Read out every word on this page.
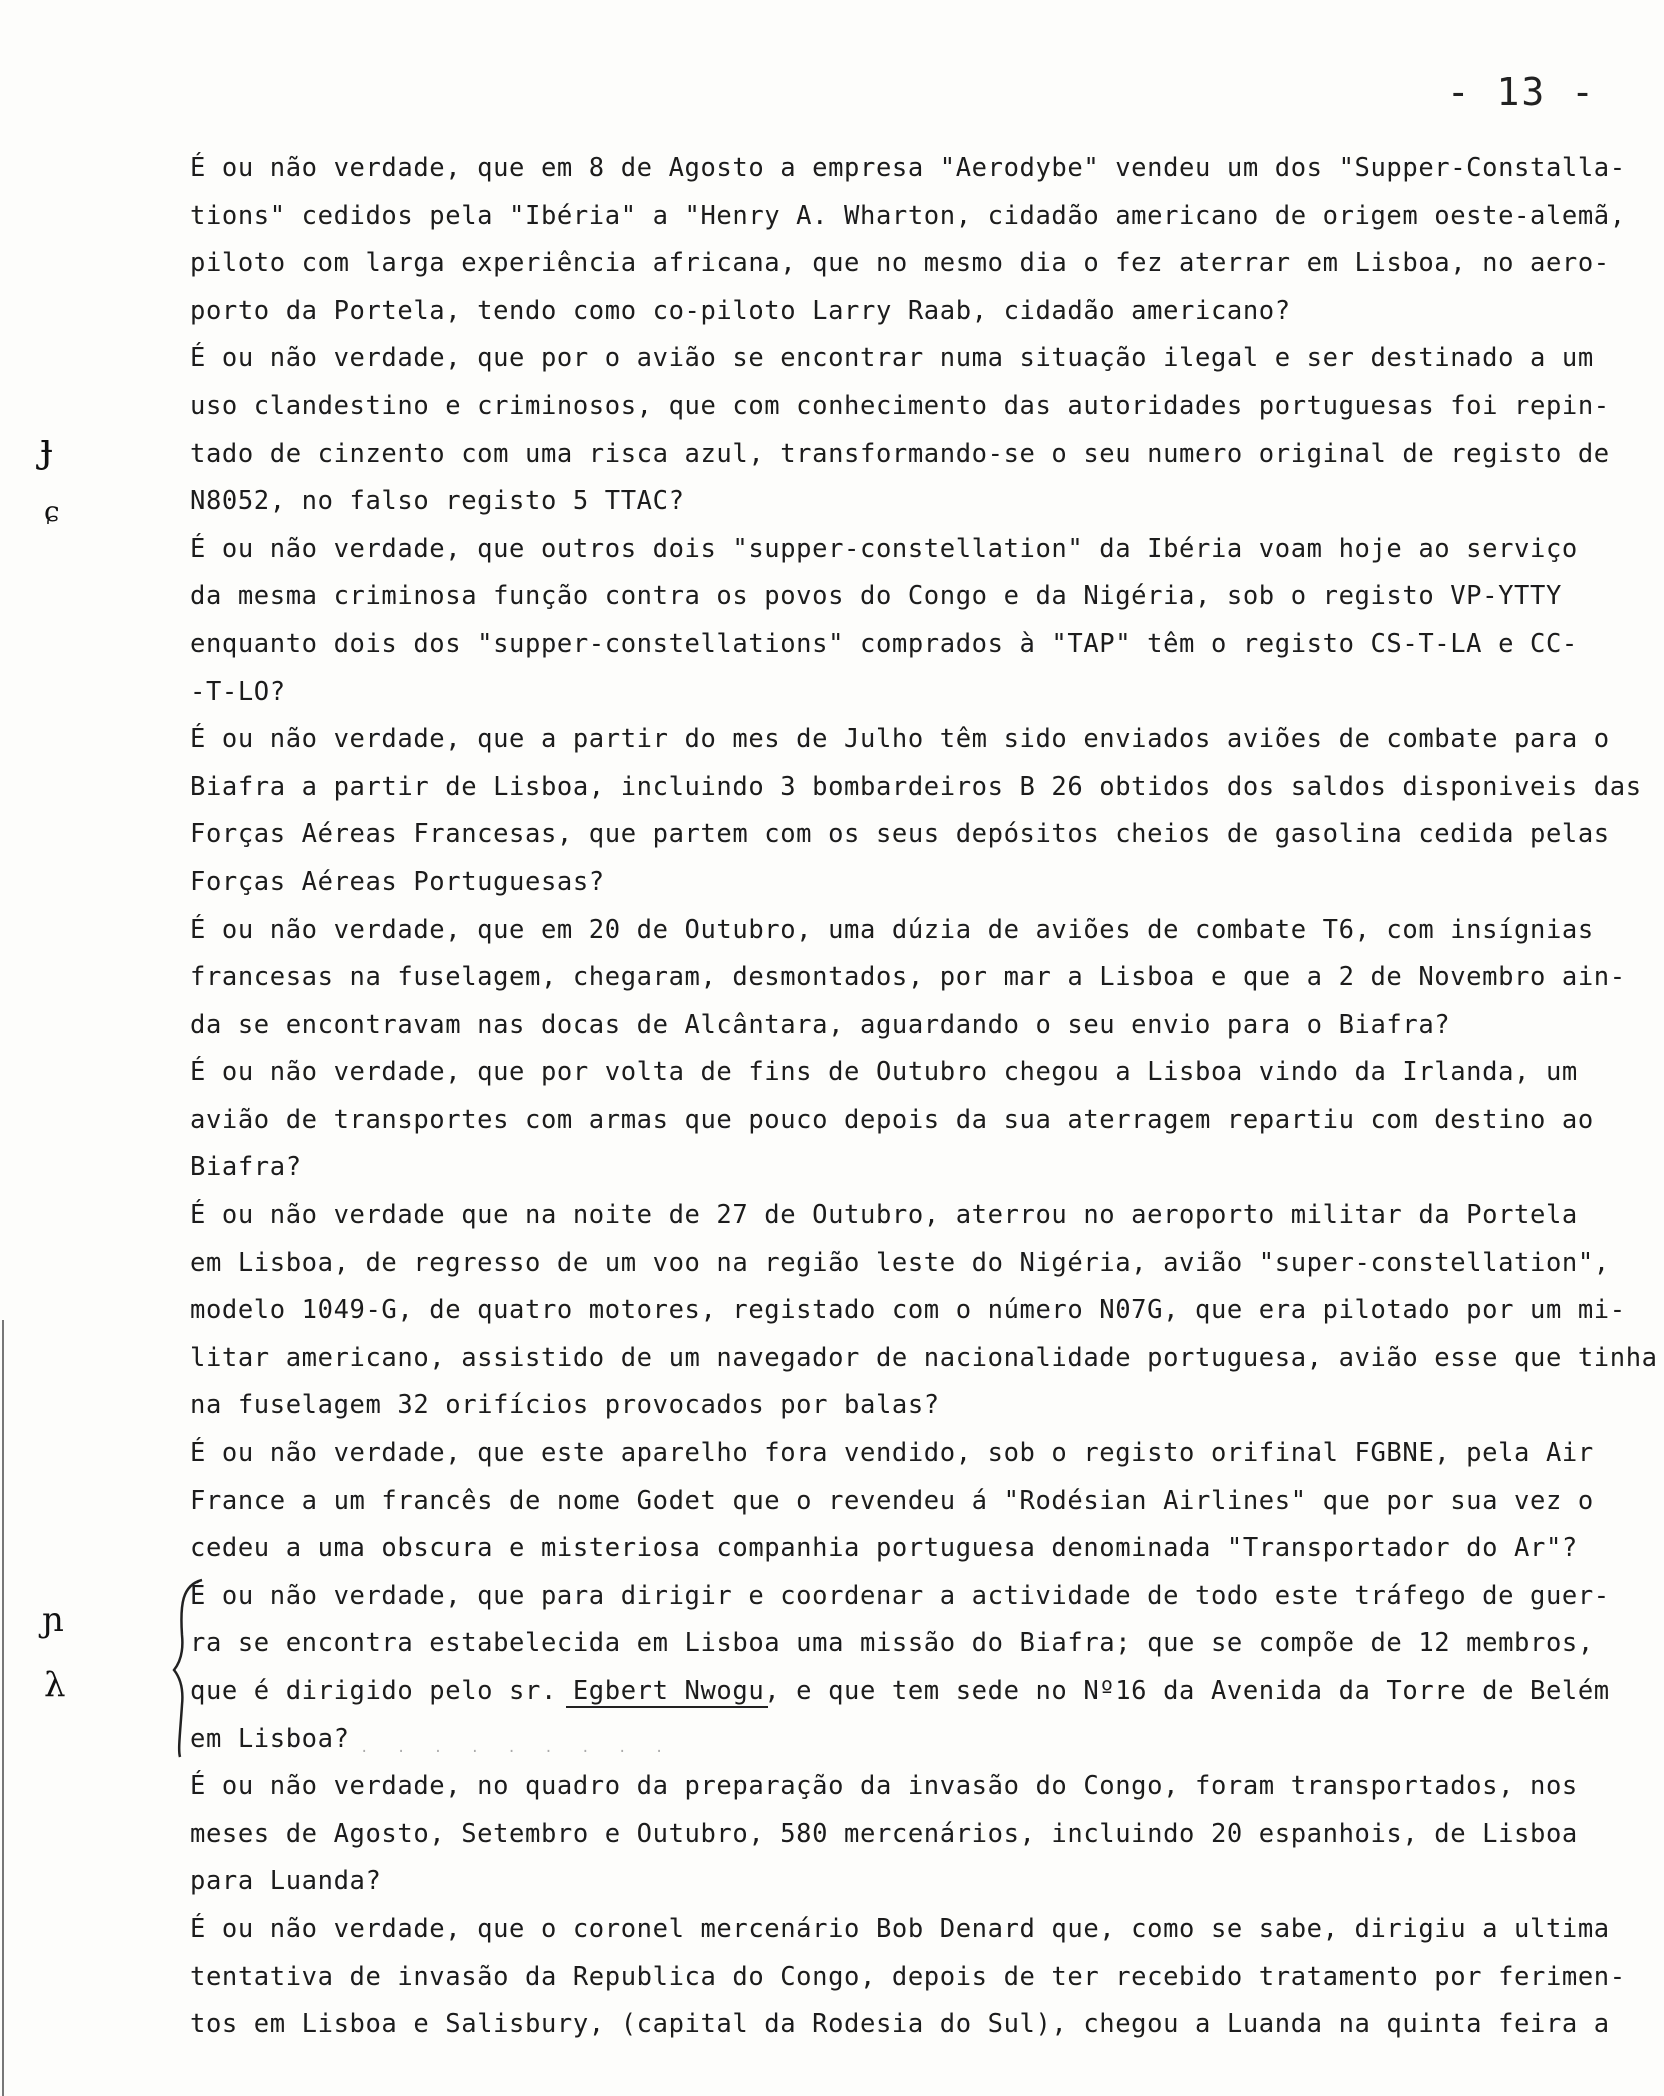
- 13 -
ɟ
ɕ
ɲ
λ
. . . . . . . . .
É ou não verdade, que em 8 de Agosto a empresa "Aerodybe" vendeu um dos "Supper-Constalla-
tions" cedidos pela "Ibéria" a "Henry A. Wharton, cidadão americano de origem oeste-alemã,
piloto com larga experiência africana, que no mesmo dia o fez aterrar em Lisboa, no aero-
porto da Portela, tendo como co-piloto Larry Raab, cidadão americano?
É ou não verdade, que por o avião se encontrar numa situação ilegal e ser destinado a um
uso clandestino e criminosos, que com conhecimento das autoridades portuguesas foi repin-
tado de cinzento com uma risca azul, transformando-se o seu numero original de registo de
N8052, no falso registo 5 TTAC?
É ou não verdade, que outros dois "supper-constellation" da Ibéria voam hoje ao serviço
da mesma criminosa função contra os povos do Congo e da Nigéria, sob o registo VP-YTTY
enquanto dois dos "supper-constellations" comprados à "TAP" têm o registo CS-T-LA e CC-
-T-LO?
É ou não verdade, que a partir do mes de Julho têm sido enviados aviões de combate para o
Biafra a partir de Lisboa, incluindo 3 bombardeiros B 26 obtidos dos saldos disponiveis das
Forças Aéreas Francesas, que partem com os seus depósitos cheios de gasolina cedida pelas
Forças Aéreas Portuguesas?
É ou não verdade, que em 20 de Outubro, uma dúzia de aviões de combate T6, com insígnias
francesas na fuselagem, chegaram, desmontados, por mar a Lisboa e que a 2 de Novembro ain-
da se encontravam nas docas de Alcântara, aguardando o seu envio para o Biafra?
É ou não verdade, que por volta de fins de Outubro chegou a Lisboa vindo da Irlanda, um
avião de transportes com armas que pouco depois da sua aterragem repartiu com destino ao
Biafra?
É ou não verdade que na noite de 27 de Outubro, aterrou no aeroporto militar da Portela
em Lisboa, de regresso de um voo na região leste do Nigéria, avião "super-constellation",
modelo 1049-G, de quatro motores, registado com o número N07G, que era pilotado por um mi-
litar americano, assistido de um navegador de nacionalidade portuguesa, avião esse que tinha
na fuselagem 32 orifícios provocados por balas?
É ou não verdade, que este aparelho fora vendido, sob o registo orifinal FGBNE, pela Air
France a um francês de nome Godet que o revendeu á "Rodésian Airlines" que por sua vez o
cedeu a uma obscura e misteriosa companhia portuguesa denominada "Transportador do Ar"?
É ou não verdade, que para dirigir e coordenar a actividade de todo este tráfego de guer-
ra se encontra estabelecida em Lisboa uma missão do Biafra; que se compõe de 12 membros,
que é dirigido pelo sr. Egbert Nwogu, e que tem sede no Nº16 da Avenida da Torre de Belém
em Lisboa?
É ou não verdade, no quadro da preparação da invasão do Congo, foram transportados, nos
meses de Agosto, Setembro e Outubro, 580 mercenários, incluindo 20 espanhois, de Lisboa
para Luanda?
É ou não verdade, que o coronel mercenário Bob Denard que, como se sabe, dirigiu a ultima
tentativa de invasão da Republica do Congo, depois de ter recebido tratamento por ferimen-
tos em Lisboa e Salisbury, (capital da Rodesia do Sul), chegou a Luanda na quinta feira a
